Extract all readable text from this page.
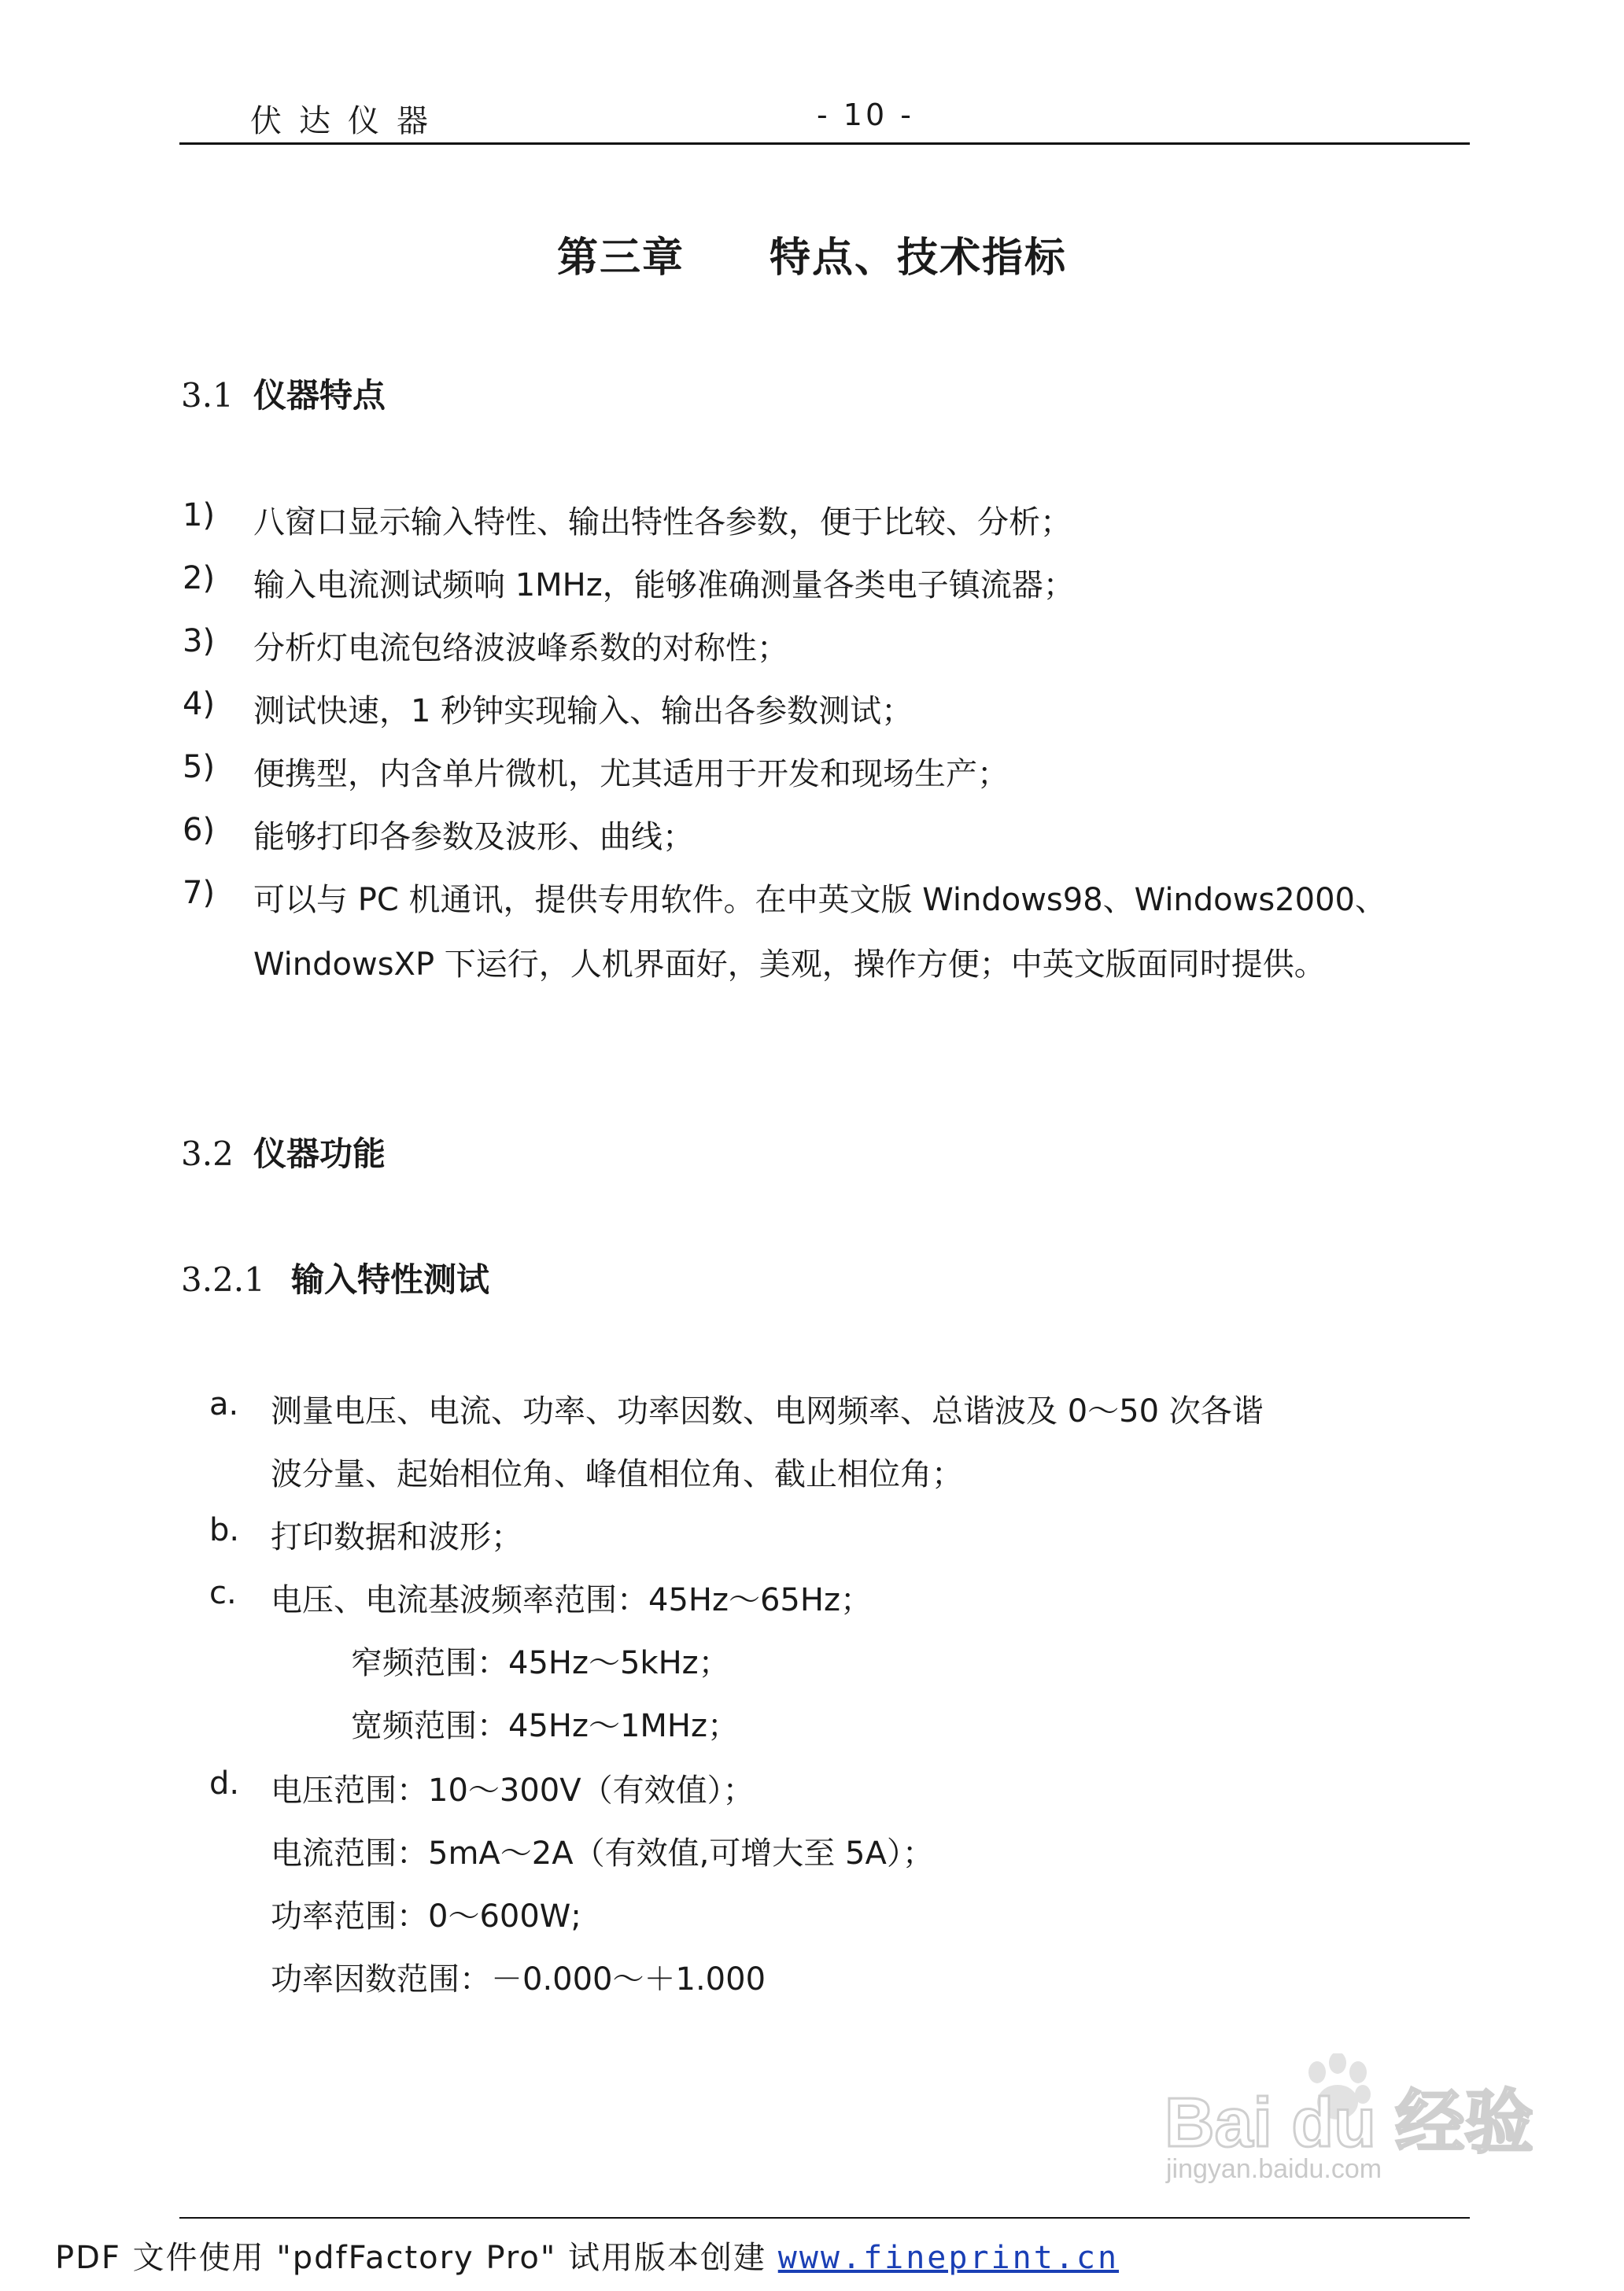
伏达仪器	- 10 -
第三章　　特点、技术指标
3.1 仪器特点
1) 八窗口显示输入特性、输出特性各参数，便于比较、分析；
2) 输入电流测试频响 1MHz，能够准确测量各类电子镇流器；
3) 分析灯电流包络波波峰系数的对称性；
4) 测试快速，1 秒钟实现输入、输出各参数测试；
5) 便携型，内含单片微机，尤其适用于开发和现场生产；
6) 能够打印各参数及波形、曲线；
7) 可以与 PC 机通讯，提供专用软件。在中英文版 Windows98、Windows2000、
WindowsXP 下运行，人机界面好，美观，操作方便；中英文版面同时提供。
3.2 仪器功能
3.2.1 输入特性测试
a. 测量电压、电流、功率、功率因数、电网频率、总谐波及 0～50 次各谐
波分量、起始相位角、峰值相位角、截止相位角；
b. 打印数据和波形；
c. 电压、电流基波频率范围：45Hz～65Hz；
窄频范围：45Hz～5kHz；
宽频范围：45Hz～1MHz；
d. 电压范围：10～300V（有效值）；
电流范围：5mA～2A（有效值,可增大至 5A）；
功率范围：0～600W;
功率因数范围：－0.000～＋1.000
Bai du 经验
jingyan.baidu.com
PDF 文件使用 "pdfFactory Pro" 试用版本创建 www.fineprint.cn
